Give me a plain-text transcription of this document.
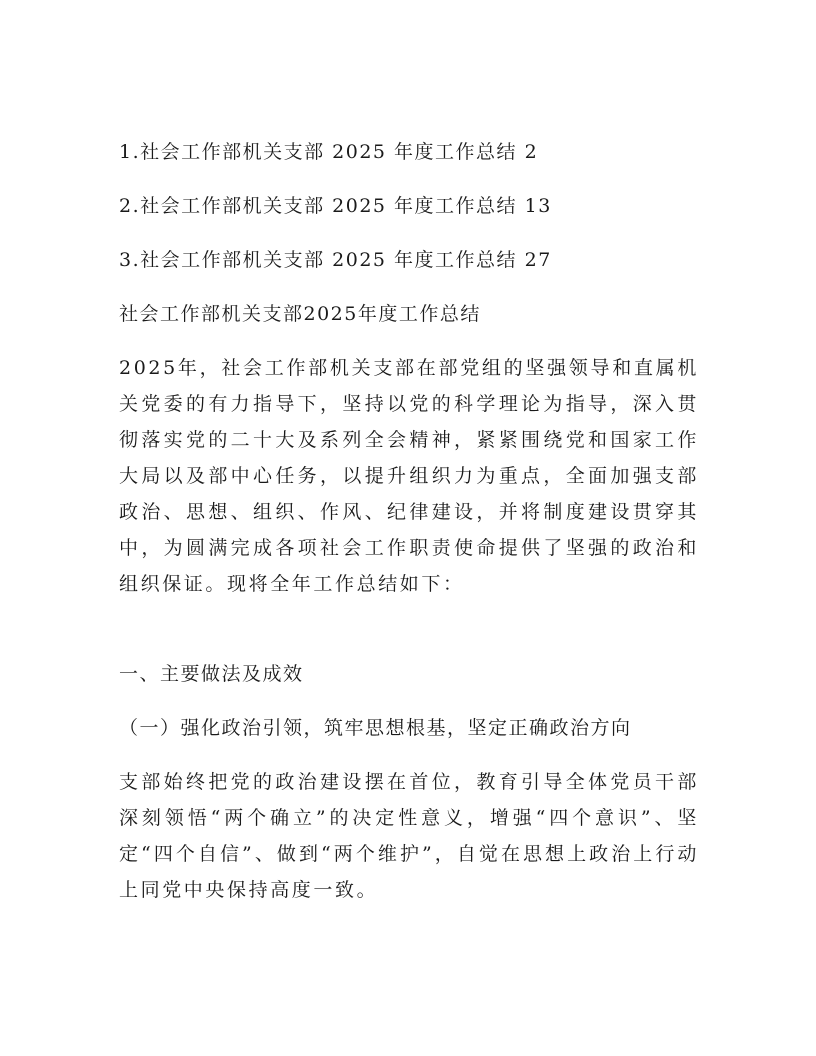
1.社会工作部机关支部 2025 年度工作总结 2
2.社会工作部机关支部 2025 年度工作总结 13
3.社会工作部机关支部 2025 年度工作总结 27
社会工作部机关支部2025年度工作总结
2025年，社会工作部机关支部在部党组的坚强领导和直属机关党委的有力指导下，坚持以党的科学理论为指导，深入贯彻落实党的二十大及系列全会精神，紧紧围绕党和国家工作大局以及部中心任务，以提升组织力为重点，全面加强支部政治、思想、组织、作风、纪律建设，并将制度建设贯穿其中，为圆满完成各项社会工作职责使命提供了坚强的政治和组织保证。现将全年工作总结如下：
一、主要做法及成效
（一）强化政治引领，筑牢思想根基，坚定正确政治方向
支部始终把党的政治建设摆在首位，教育引导全体党员干部深刻领悟“两个确立”的决定性意义，增强“四个意识”、坚定“四个自信”、做到“两个维护”，自觉在思想上政治上行动上同党中央保持高度一致。
